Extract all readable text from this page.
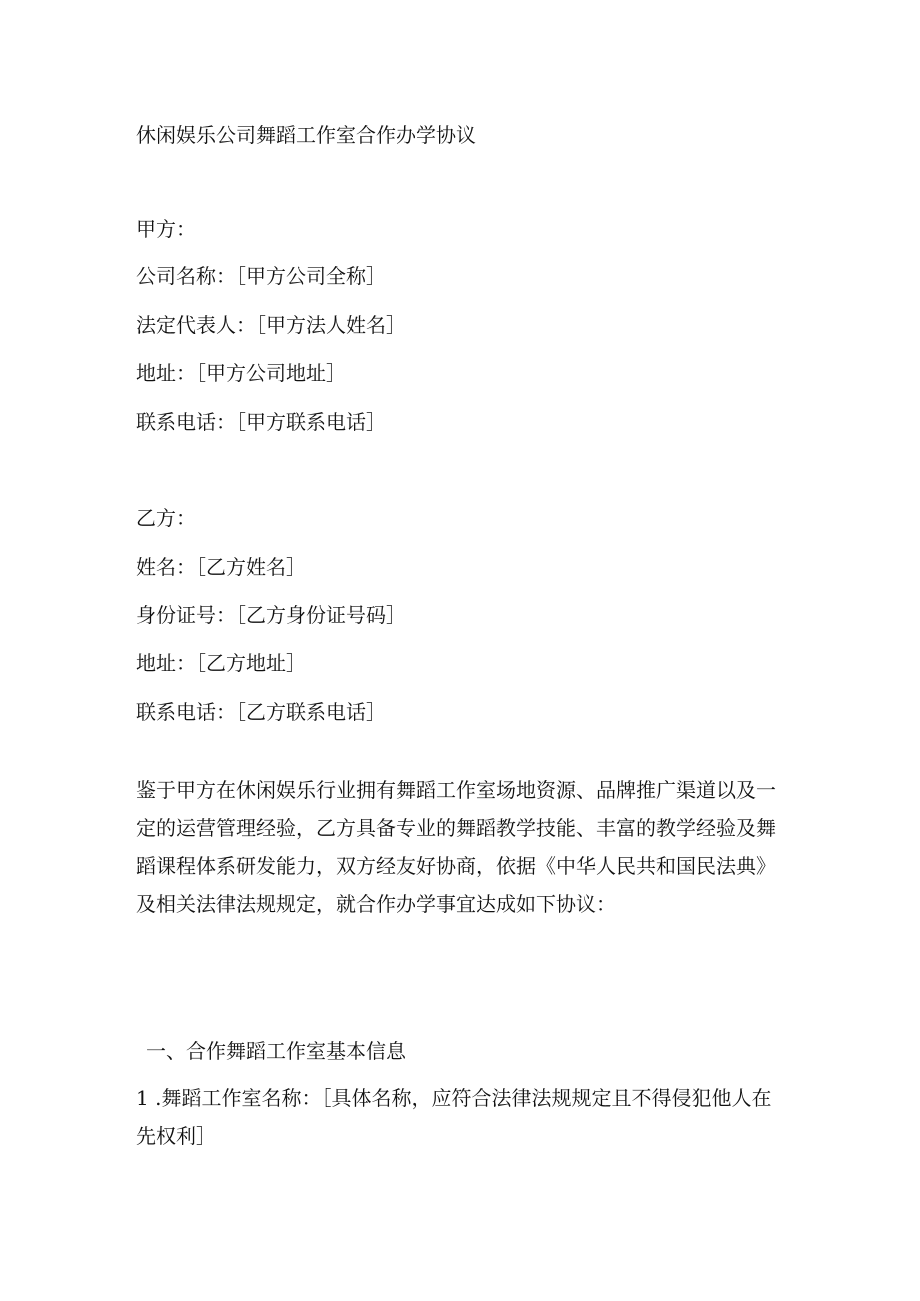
休闲娱乐公司舞蹈工作室合作办学协议
甲方：
公司名称：［甲方公司全称］
法定代表人：［甲方法人姓名］
地址：［甲方公司地址］
联系电话：［甲方联系电话］
乙方：
姓名：［乙方姓名］
身份证号：［乙方身份证号码］
地址：［乙方地址］
联系电话：［乙方联系电话］

鉴于甲方在休闲娱乐行业拥有舞蹈工作室场地资源、品牌推广渠道以及一

定的运营管理经验，乙方具备专业的舞蹈教学技能、丰富的教学经验及舞

蹈课程体系研发能力，双方经友好协商，依据《中华人民共和国民法典》

及相关法律法规规定，就合作办学事宜达成如下协议：

一、合作舞蹈工作室基本信息

1 .舞蹈工作室名称：［具体名称，应符合法律法规规定且不得侵犯他人在

先权利］
